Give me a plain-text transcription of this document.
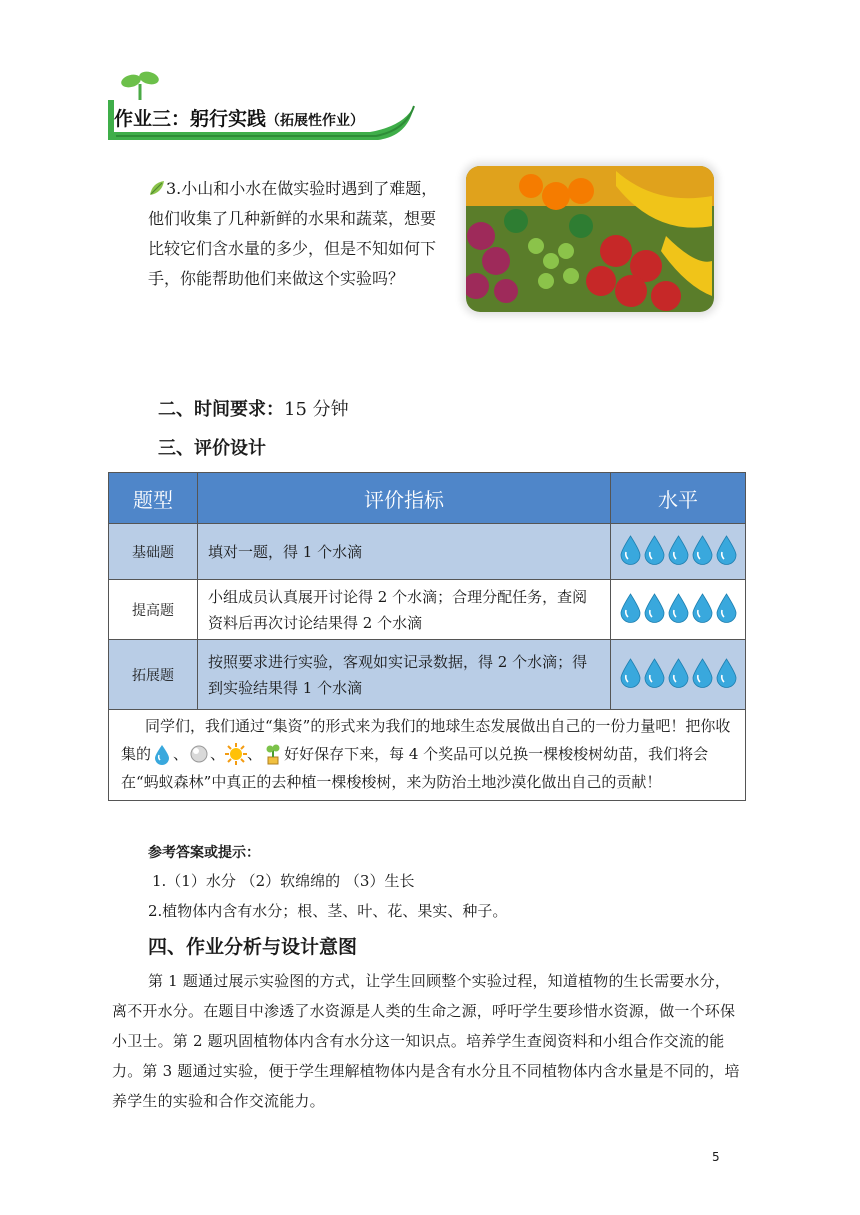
作业三：躬行实践（拓展性作业）
3.小山和小水在做实验时遇到了难题，他们收集了几种新鲜的水果和蔬菜，想要比较它们含水量的多少，但是不知如何下手，你能帮助他们来做这个实验吗？
二、时间要求：15 分钟
三、评价设计
题型	评价指标	水平
基础题	填对一题，得 1 个水滴	

提高题	小组成员认真展开讨论得 2 个水滴；合理分配任务，查阅资料后再次讨论结果得 2 个水滴	

拓展题	按照要求进行实验，客观如实记录数据，得 2 个水滴；得到实验结果得 1 个水滴	

同学们，我们通过“集资”的形式来为我们的地球生态发展做出自己的一份力量吧！把你收集的 、 、 、 好好保存下来，每 4 个奖品可以兑换一棵梭梭树幼苗，我们将会在“蚂蚁森林”中真正的去种植一棵梭梭树，来为防治土地沙漠化做出自己的贡献！		
参考答案或提示：
1.（1）水分 （2）软绵绵的 （3）生长
2.植物体内含有水分；根、茎、叶、花、果实、种子。
四、作业分析与设计意图
第 1 题通过展示实验图的方式，让学生回顾整个实验过程，知道植物的生长需要水分，离不开水分。在题目中渗透了水资源是人类的生命之源，呼吁学生要珍惜水资源，做一个环保小卫士。第 2 题巩固植物体内含有水分这一知识点。培养学生查阅资料和小组合作交流的能力。第 3 题通过实验，便于学生理解植物体内是含有水分且不同植物体内含水量是不同的，培养学生的实验和合作交流能力。
5
